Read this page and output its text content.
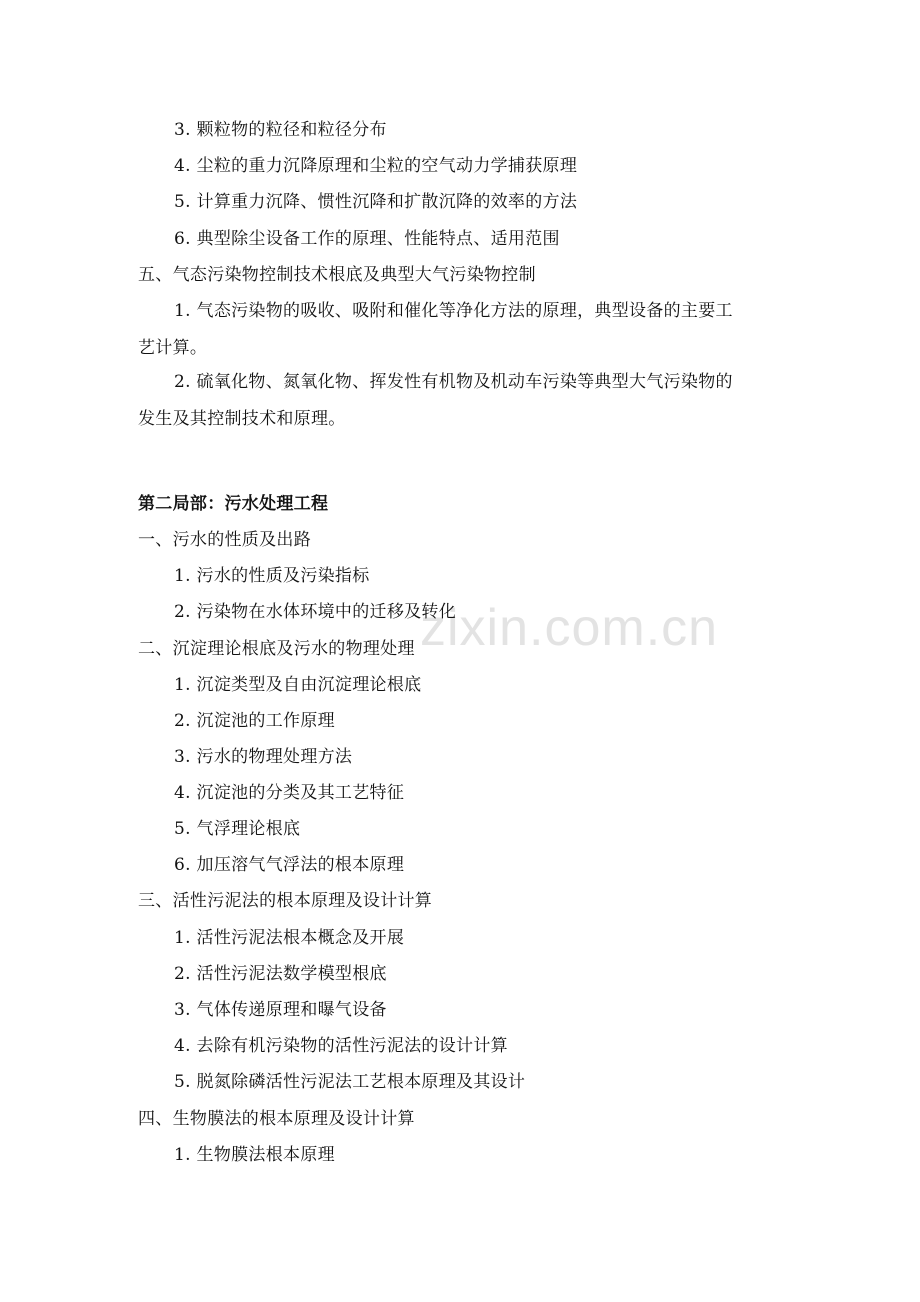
zixin.com.cn
3. 颗粒物的粒径和粒径分布
4. 尘粒的重力沉降原理和尘粒的空气动力学捕获原理
5. 计算重力沉降、惯性沉降和扩散沉降的效率的方法
6. 典型除尘设备工作的原理、性能特点、适用范围
五、气态污染物控制技术根底及典型大气污染物控制
1. 气态污染物的吸收、吸附和催化等净化方法的原理，典型设备的主要工
艺计算。
2. 硫氧化物、氮氧化物、挥发性有机物及机动车污染等典型大气污染物的
发生及其控制技术和原理。
第二局部：污水处理工程
一、污水的性质及出路
1. 污水的性质及污染指标
2. 污染物在水体环境中的迁移及转化
二、沉淀理论根底及污水的物理处理
1. 沉淀类型及自由沉淀理论根底
2. 沉淀池的工作原理
3. 污水的物理处理方法
4. 沉淀池的分类及其工艺特征
5. 气浮理论根底
6. 加压溶气气浮法的根本原理
三、活性污泥法的根本原理及设计计算
1. 活性污泥法根本概念及开展
2. 活性污泥法数学模型根底
3. 气体传递原理和曝气设备
4. 去除有机污染物的活性污泥法的设计计算
5. 脱氮除磷活性污泥法工艺根本原理及其设计
四、生物膜法的根本原理及设计计算
1. 生物膜法根本原理
